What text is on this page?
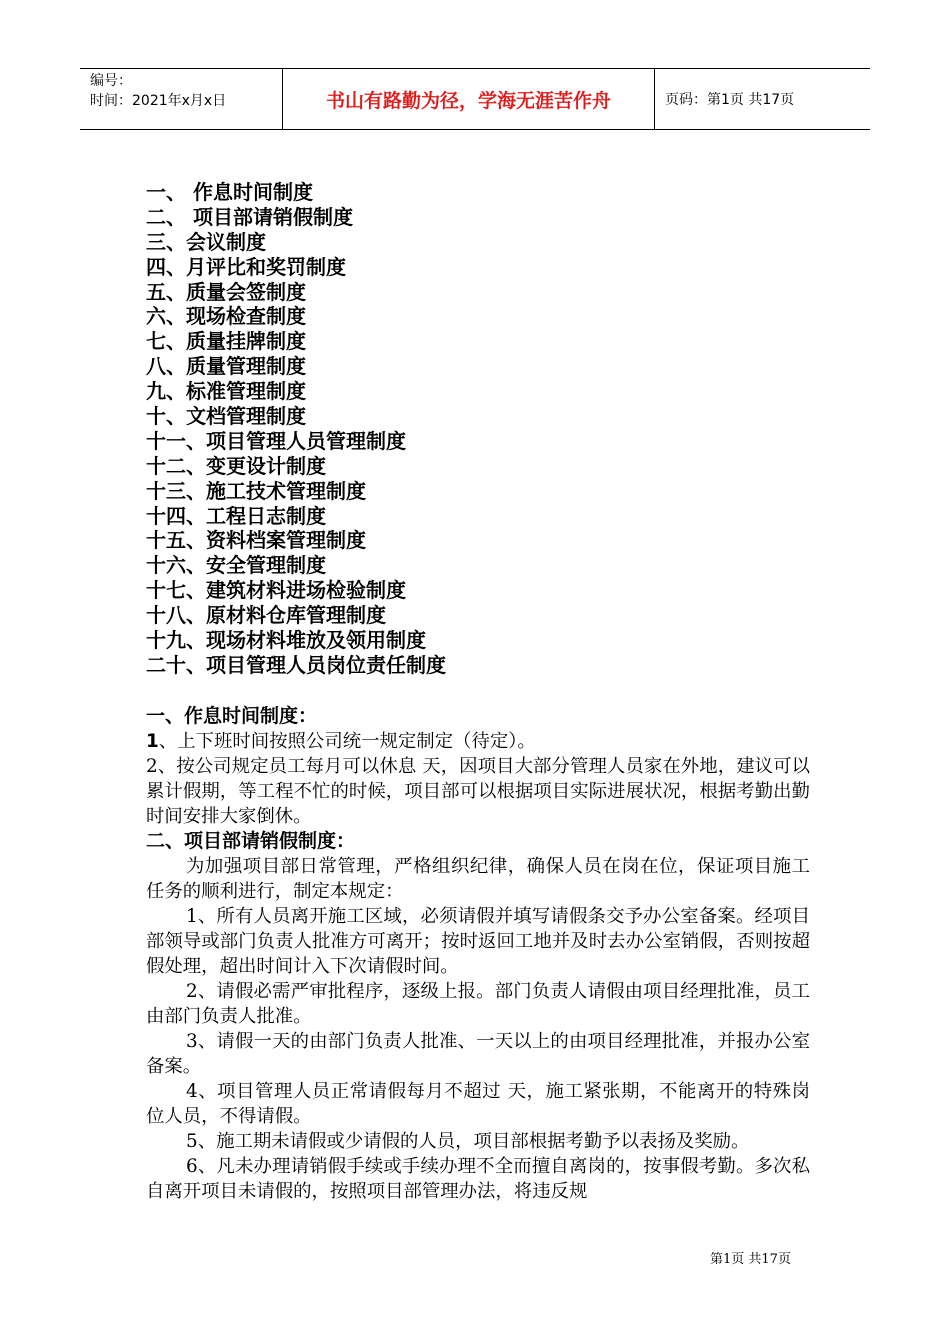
编号：
时间：2021年x月x日	书山有路勤为径，学海无涯苦作舟	页码：第1页 共17页
一、 作息时间制度
二、 项目部请销假制度
三、会议制度
四、月评比和奖罚制度
五、质量会签制度
六、现场检查制度
七、质量挂牌制度
八、质量管理制度
九、标准管理制度
十、文档管理制度
十一、项目管理人员管理制度
十二、变更设计制度
十三、施工技术管理制度
十四、工程日志制度
十五、资料档案管理制度
十六、安全管理制度
十七、建筑材料进场检验制度
十八、原材料仓库管理制度
十九、现场材料堆放及领用制度
二十、项目管理人员岗位责任制度
一、作息时间制度：
1、上下班时间按照公司统一规定制定（待定）。
2、按公司规定员工每月可以休息 天，因项目大部分管理人员家在外地，建议可以累计假期，等工程不忙的时候，项目部可以根据项目实际进展状况，根据考勤出勤时间安排大家倒休。
二、项目部请销假制度：
为加强项目部日常管理，严格组织纪律，确保人员在岗在位，保证项目施工任务的顺利进行，制定本规定：
1、所有人员离开施工区域，必须请假并填写请假条交予办公室备案。经项目部领导或部门负责人批准方可离开；按时返回工地并及时去办公室销假，否则按超假处理，超出时间计入下次请假时间。
2、请假必需严审批程序，逐级上报。部门负责人请假由项目经理批准，员工由部门负责人批准。
3、请假一天的由部门负责人批准、一天以上的由项目经理批准，并报办公室备案。
4、项目管理人员正常请假每月不超过 天，施工紧张期，不能离开的特殊岗位人员，不得请假。
5、施工期未请假或少请假的人员，项目部根据考勤予以表扬及奖励。
6、凡未办理请销假手续或手续办理不全而擅自离岗的，按事假考勤。多次私自离开项目未请假的，按照项目部管理办法，将违反规
第1页 共17页
